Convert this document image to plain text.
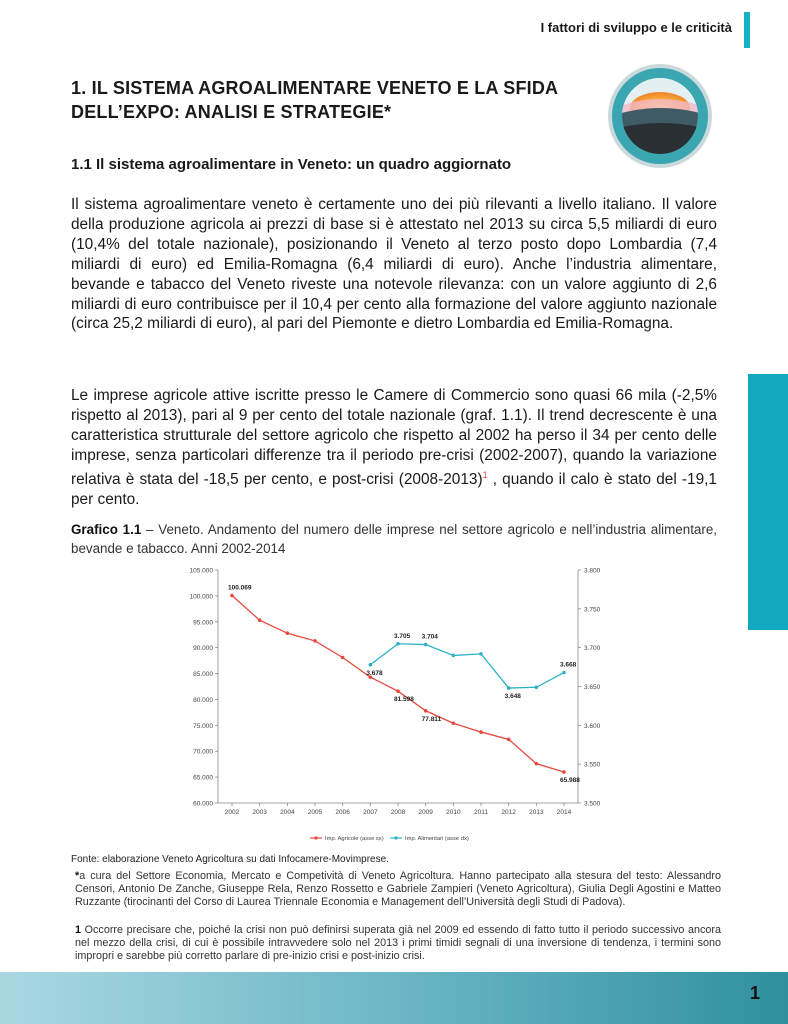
I fattori di sviluppo e le criticità
1. IL SISTEMA AGROALIMENTARE VENETO E LA SFIDA DELL’EXPO: ANALISI E STRATEGIE*
1.1 Il sistema agroalimentare in Veneto: un quadro aggiornato

Il sistema agroalimentare veneto è certamente uno dei più rilevanti a livello italiano. Il valore della produzione agricola ai prezzi di base si è attestato nel 2013 su circa 5,5 miliardi di euro (10,4% del totale nazionale), posizionando il Veneto al terzo posto dopo Lombardia (7,4 miliardi di euro) ed Emilia-Romagna (6,4 miliardi di euro). Anche l’industria alimentare, bevande e tabacco del Veneto riveste una notevole rilevanza: con un valore aggiunto di 2,6 miliardi di euro contribuisce per il 10,4 per cento alla formazione del valore aggiunto nazionale (circa 25,2 miliardi di euro), al pari del Piemonte e dietro Lombardia ed Emilia-Romagna.

Le imprese agricole attive iscritte presso le Camere di Commercio sono quasi 66 mila (-2,5% rispetto al 2013), pari al 9 per cento del totale nazionale (graf. 1.1). Il trend decrescente è una caratteristica strutturale del settore agricolo che rispetto al 2002 ha perso il 34 per cento delle imprese, senza particolari differenze tra il periodo pre-crisi (2002-2007), quando la variazione relativa è stata del -18,5 per cento, e post-crisi (2008-2013)$^1$ , quando il calo è stato del -19,1 per cento.

Grafico 1.1 – Veneto. Andamento del numero delle imprese nel settore agricolo e nell’industria alimentare, bevande e tabacco. Anni 2002-2014

105.000
100.000
95.000
90.000
85.000
80.000
75.000
70.000
65.000
60.000
3.800
3.750
3.700
3.650
3.600
3.550
3.500
2002 2003 2004 2005 2006 2007 2008 2009 2010 2011 2012 2013 2014
100.069
81.598
77.811
65.988
3.678
3.705 3.704
3.648
3.668
Imp. Agricole (asse sx)	Imp. Alimentari (asse dx)
Fonte: elaborazione Veneto Agricoltura su dati Infocamere-Movimprese.

*a cura del Settore Economia, Mercato e Competività di Veneto Agricoltura. Hanno partecipato alla stesura del testo: Alessandro Censori, Antonio De Zanche, Giuseppe Rela, Renzo Rossetto e Gabriele Zampieri (Veneto Agricoltura), Giulia Degli Agostini e Matteo Ruzzante (tirocinanti del Corso di Laurea Triennale Economia e Management dell’Università degli Studi di Padova).

1 Occorre precisare che, poiché la crisi non può definirsi superata già nel 2009 ed essendo di fatto tutto il periodo successivo ancora nel mezzo della crisi, di cui è possibile intravvedere solo nel 2013 i primi timidi segnali di una inversione di tendenza, i termini sono impropri e sarebbe più corretto parlare di pre-inizio crisi e post-inizio crisi.

1
